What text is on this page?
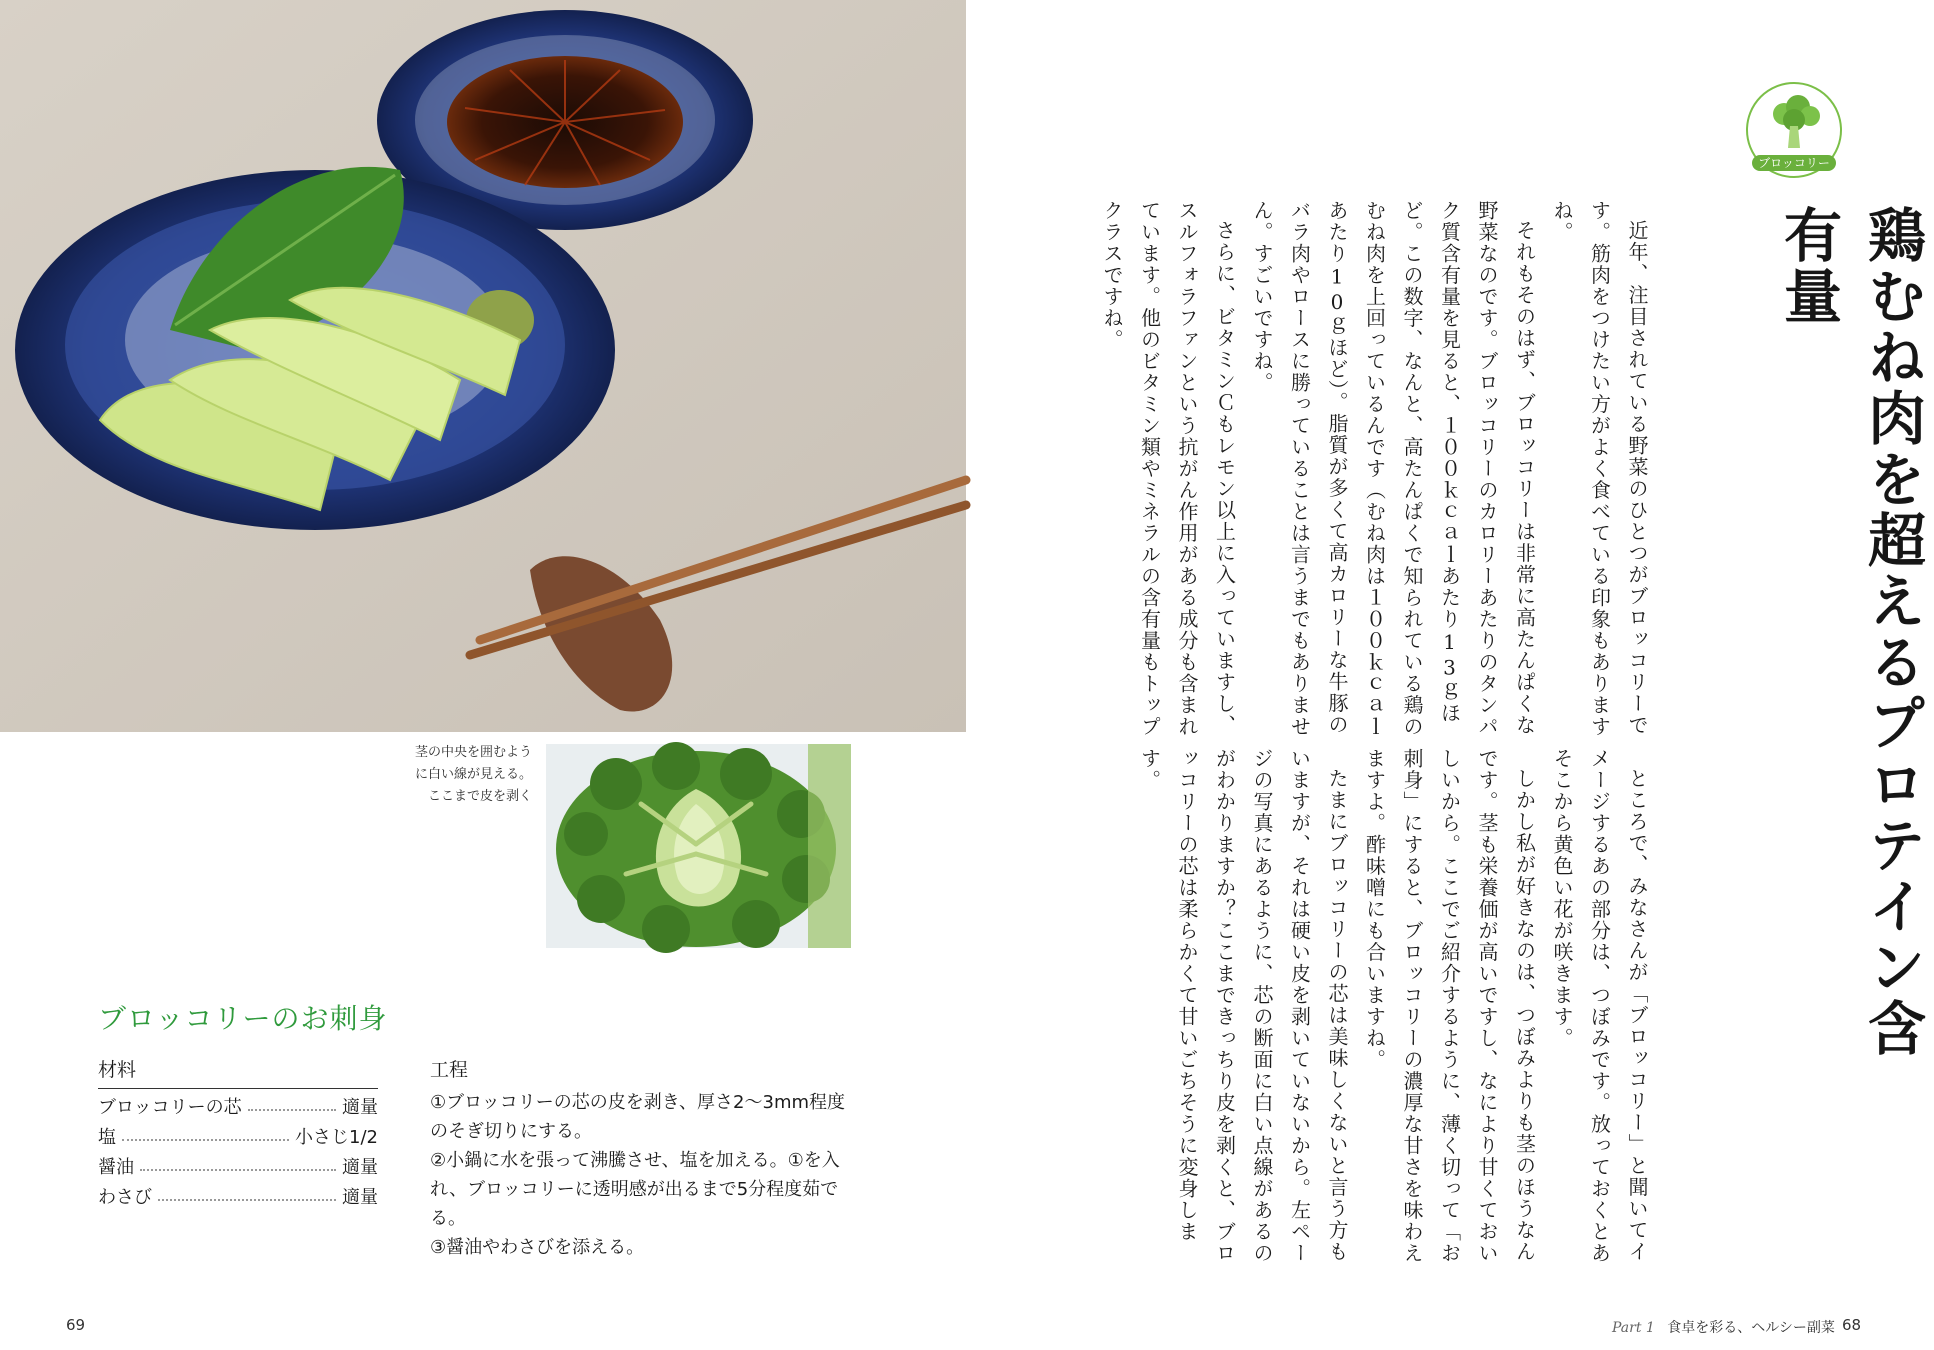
茎の中央を囲むよう
に白い線が見える。
ここまで皮を剥く
ブロッコリーのお刺身
材料
ブロッコリーの芯	適量
塩	小さじ1/2
醤油	適量
わさび	適量
工程
①ブロッコリーの芯の皮を剥き、厚さ2〜3mm程度のそぎ切りにする。
②小鍋に水を張って沸騰させ、塩を加える。①を入れ、ブロッコリーに透明感が出るまで5分程度茹でる。
③醤油やわさびを添える。
69
ブロッコリー
鶏むね肉を超えるプロテイン含有量
近年、注目されている野菜のひとつがブロッコリーです。筋肉をつけたい方がよく食べている印象もありますね。
それもそのはず、ブロッコリーは非常に高たんぱくな野菜なのです。ブロッコリーのカロリーあたりのタンパク質含有量を見ると、１００ｋｃａｌあたり13ｇほど。この数字、なんと、高たんぱくで知られている鶏のむね肉を上回っているんです（むね肉は１００ｋｃａｌあたり10ｇほど）。脂質が多くて高カロリーな牛豚のバラ肉やロースに勝っていることは言うまでもありません。すごいですね。
さらに、ビタミンＣもレモン以上に入っていますし、スルフォラファンという抗がん作用がある成分も含まれています。他のビタミン類やミネラルの含有量もトップクラスですね。
ところで、みなさんが「ブロッコリー」と聞いてイメージするあの部分は、つぼみです。放っておくとあそこから黄色い花が咲きます。
しかし私が好きなのは、つぼみよりも茎のほうなんです。茎も栄養価が高いですし、なにより甘くておいしいから。ここでご紹介するように、薄く切って「お刺身」にすると、ブロッコリーの濃厚な甘さを味わえますよ。酢味噌にも合いますね。
たまにブロッコリーの芯は美味しくないと言う方もいますが、それは硬い皮を剥いていないから。左ページの写真にあるように、芯の断面に白い点線があるのがわかりますか？ここまできっちり皮を剥くと、ブロッコリーの芯は柔らかくて甘いごちそうに変身します。
Part 1 食卓を彩る、ヘルシー副菜 68
